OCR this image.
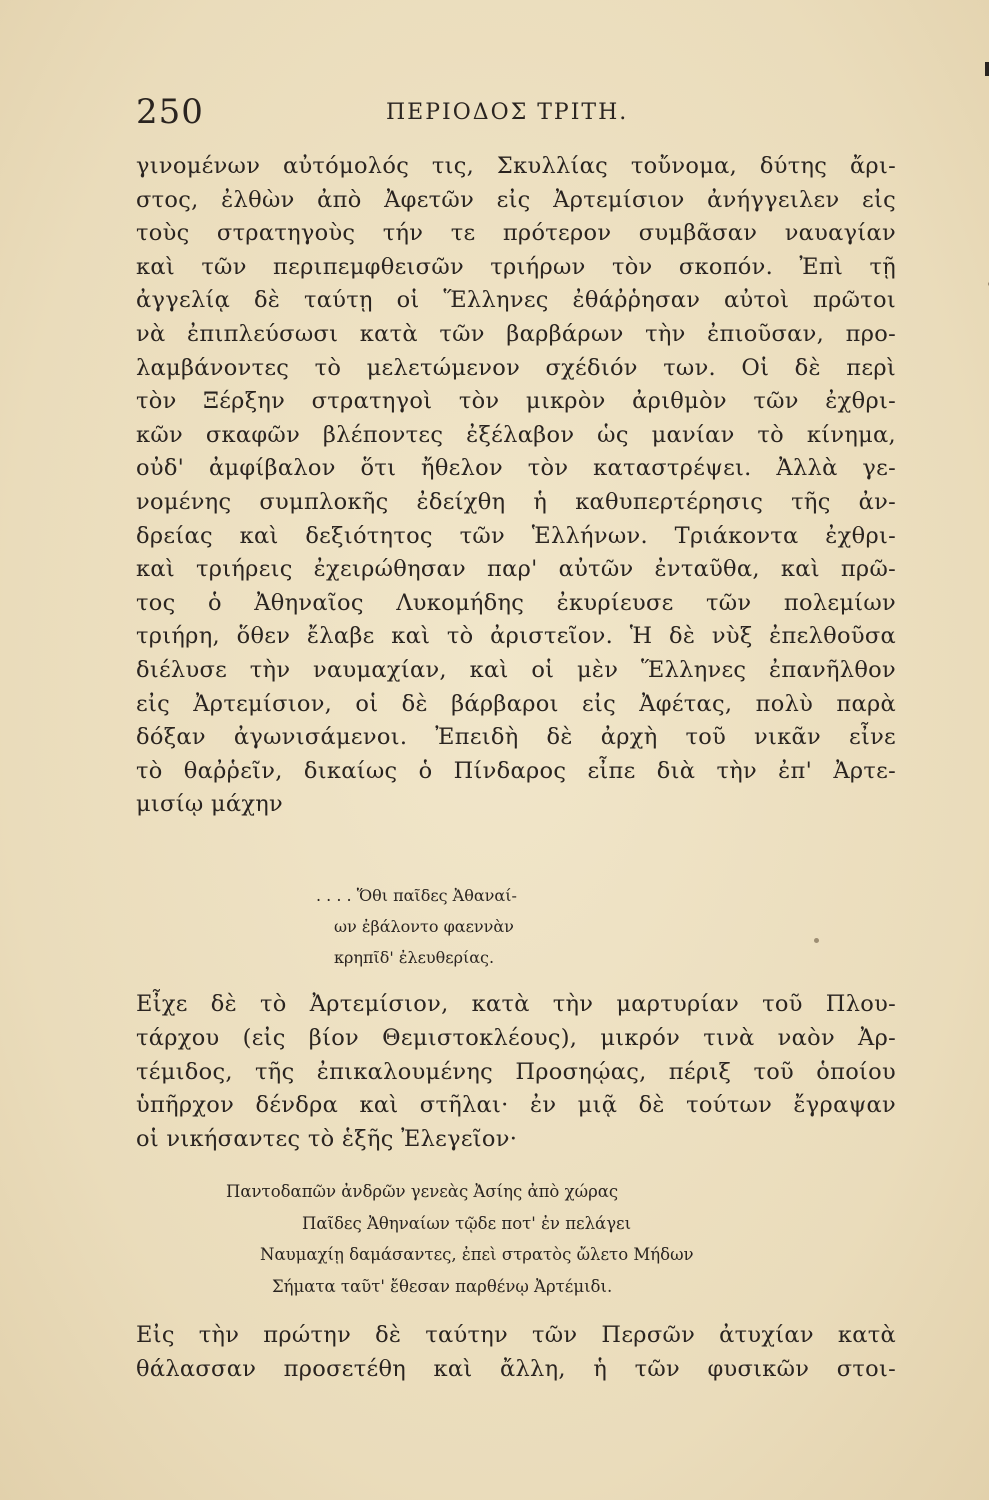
250	ΠΕΡΙΟΔΟΣ ΤΡΙΤΗ.
γινομένων αὐτόμολός τις, Σκυλλίας τοὔνομα, δύτης ἄρι-
στος, ἐλθὼν ἀπὸ Ἀφετῶν εἰς Ἀρτεμίσιον ἀνήγγειλεν εἰς
τοὺς στρατηγοὺς τήν τε πρότερον συμβᾶσαν ναυαγίαν
καὶ τῶν περιπεμφθεισῶν τριήρων τὸν σκοπόν. Ἐπὶ τῇ
ἀγγελίᾳ δὲ ταύτῃ οἱ Ἕλληνες ἐθάῤῥησαν αὐτοὶ πρῶτοι
νὰ ἐπιπλεύσωσι κατὰ τῶν βαρβάρων τὴν ἐπιοῦσαν, προ-
λαμβάνοντες τὸ μελετώμενον σχέδιόν των. Οἱ δὲ περὶ
τὸν Ξέρξην στρατηγοὶ τὸν μικρὸν ἀριθμὸν τῶν ἐχθρι-
κῶν σκαφῶν βλέποντες ἐξέλαβον ὡς μανίαν τὸ κίνημα,
οὐδ' ἀμφίβαλον ὅτι ἤθελον τὸν καταστρέψει. Ἀλλὰ γε-
νομένης συμπλοκῆς ἐδείχθη ἡ καθυπερτέρησις τῆς ἀν-
δρείας καὶ δεξιότητος τῶν Ἑλλήνων. Τριάκοντα ἐχθρι-
καὶ τριήρεις ἐχειρώθησαν παρ' αὐτῶν ἐνταῦθα, καὶ πρῶ-
τος ὁ Ἀθηναῖος Λυκομήδης ἐκυρίευσε τῶν πολεμίων
τριήρη, ὅθεν ἔλαβε καὶ τὸ ἀριστεῖον. Ἡ δὲ νὺξ ἐπελθοῦσα
διέλυσε τὴν ναυμαχίαν, καὶ οἱ μὲν Ἕλληνες ἐπανῆλθον
εἰς Ἀρτεμίσιον, οἱ δὲ βάρβαροι εἰς Ἀφέτας, πολὺ παρὰ
δόξαν ἀγωνισάμενοι. Ἐπειδὴ δὲ ἀρχὴ τοῦ νικᾶν εἶνε
τὸ θαῤῥεῖν, δικαίως ὁ Πίνδαρος εἶπε διὰ τὴν ἐπ' Ἀρτε-
μισίῳ μάχην
. . . . Ὅθι παῖδες Ἀθαναί-
ων ἐβάλοντο φαεννὰν
κρηπῖδ' ἐλευθερίας.
Εἶχε δὲ τὸ Ἀρτεμίσιον, κατὰ τὴν μαρτυρίαν τοῦ Πλου-
τάρχου (εἰς βίον Θεμιστοκλέους), μικρόν τινὰ ναὸν Ἀρ-
τέμιδος, τῆς ἐπικαλουμένης Προσηῴας, πέριξ τοῦ ὁποίου
ὑπῆρχον δένδρα καὶ στῆλαι· ἐν μιᾷ δὲ τούτων ἔγραψαν
οἱ νικήσαντες τὸ ἑξῆς Ἐλεγεῖον·
Παντοδαπῶν ἀνδρῶν γενεὰς Ἀσίης ἀπὸ χώρας
Παῖδες Ἀθηναίων τῷδε ποτ' ἐν πελάγει
Ναυμαχίῃ δαμάσαντες, ἐπεὶ στρατὸς ὤλετο Μήδων
Σήματα ταῦτ' ἔθεσαν παρθένῳ Ἀρτέμιδι.
Εἰς τὴν πρώτην δὲ ταύτην τῶν Περσῶν ἀτυχίαν κατὰ
θάλασσαν προσετέθη καὶ ἄλλη, ἡ τῶν φυσικῶν στοι-
